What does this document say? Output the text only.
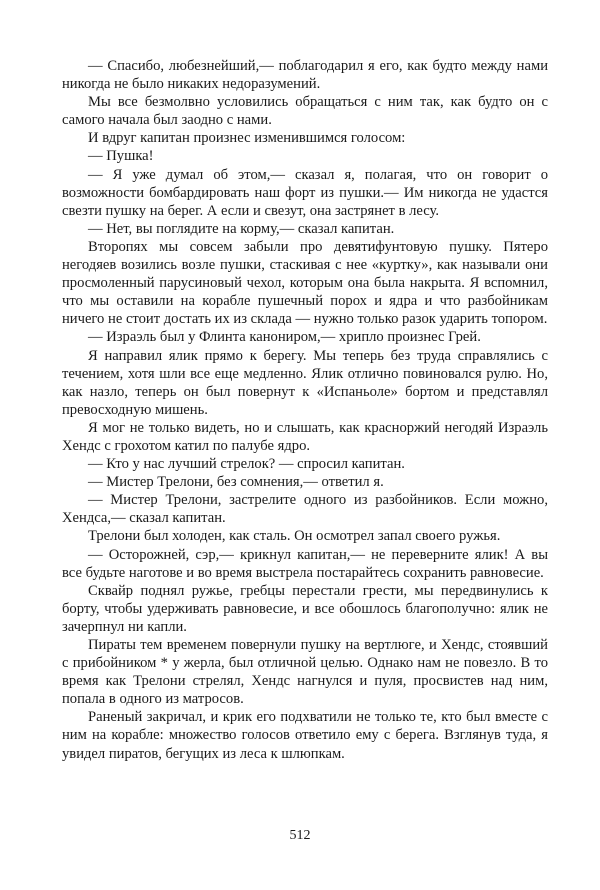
— Спасибо, любезнейший,— поблагодарил я его, как будто между нами никогда не было никаких недоразумений.

Мы все безмолвно условились обращаться с ним так, как будто он с самого начала был заодно с нами.

И вдруг капитан произнес изменившимся голосом:

— Пушка!

— Я уже думал об этом,— сказал я, полагая, что он говорит о возможности бомбардировать наш форт из пушки.— Им никогда не удастся свезти пушку на берег. А если и свезут, она застрянет в лесу.

— Нет, вы поглядите на корму,— сказал капитан.

Второпях мы совсем забыли про девятифунтовую пушку. Пятеро негодяев возились возле пушки, стаскивая с нее «куртку», как называли они просмоленный парусиновый чехол, которым она была накрыта. Я вспомнил, что мы оставили на корабле пушечный порох и ядра и что разбойникам ничего не стоит достать их из склада — нужно только разок ударить топором.

— Израэль был у Флинта канониром,— хрипло произнес Грей.

Я направил ялик прямо к берегу. Мы теперь без труда справлялись с течением, хотя шли все еще медленно. Ялик отлично повиновался рулю. Но, как назло, теперь он был повернут к «Испаньоле» бортом и представлял превосходную мишень.

Я мог не только видеть, но и слышать, как красноржий негодяй Израэль Хендс с грохотом катил по палубе ядро.

— Кто у нас лучший стрелок? — спросил капитан.

— Мистер Трелони, без сомнения,— ответил я.

— Мистер Трелони, застрелите одного из разбойников. Если можно, Хендса,— сказал капитан.

Трелони был холоден, как сталь. Он осмотрел запал своего ружья.

— Осторожней, сэр,— крикнул капитан,— не переверните ялик! А вы все будьте наготове и во время выстрела постарайтесь сохранить равновесие.

Сквайр поднял ружье, гребцы перестали грести, мы передвинулись к борту, чтобы удерживать равновесие, и все обошлось благополучно: ялик не зачерпнул ни капли.

Пираты тем временем повернули пушку на вертлюге, и Хендс, стоявший с прибойником * у жерла, был отличной целью. Однако нам не повезло. В то время как Трелони стрелял, Хендс нагнулся и пуля, просвистев над ним, попала в одного из матросов.

Раненый закричал, и крик его подхватили не только те, кто был вместе с ним на корабле: множество голосов ответило ему с берега. Взглянув туда, я увидел пиратов, бегущих из леса к шлюпкам.

512
